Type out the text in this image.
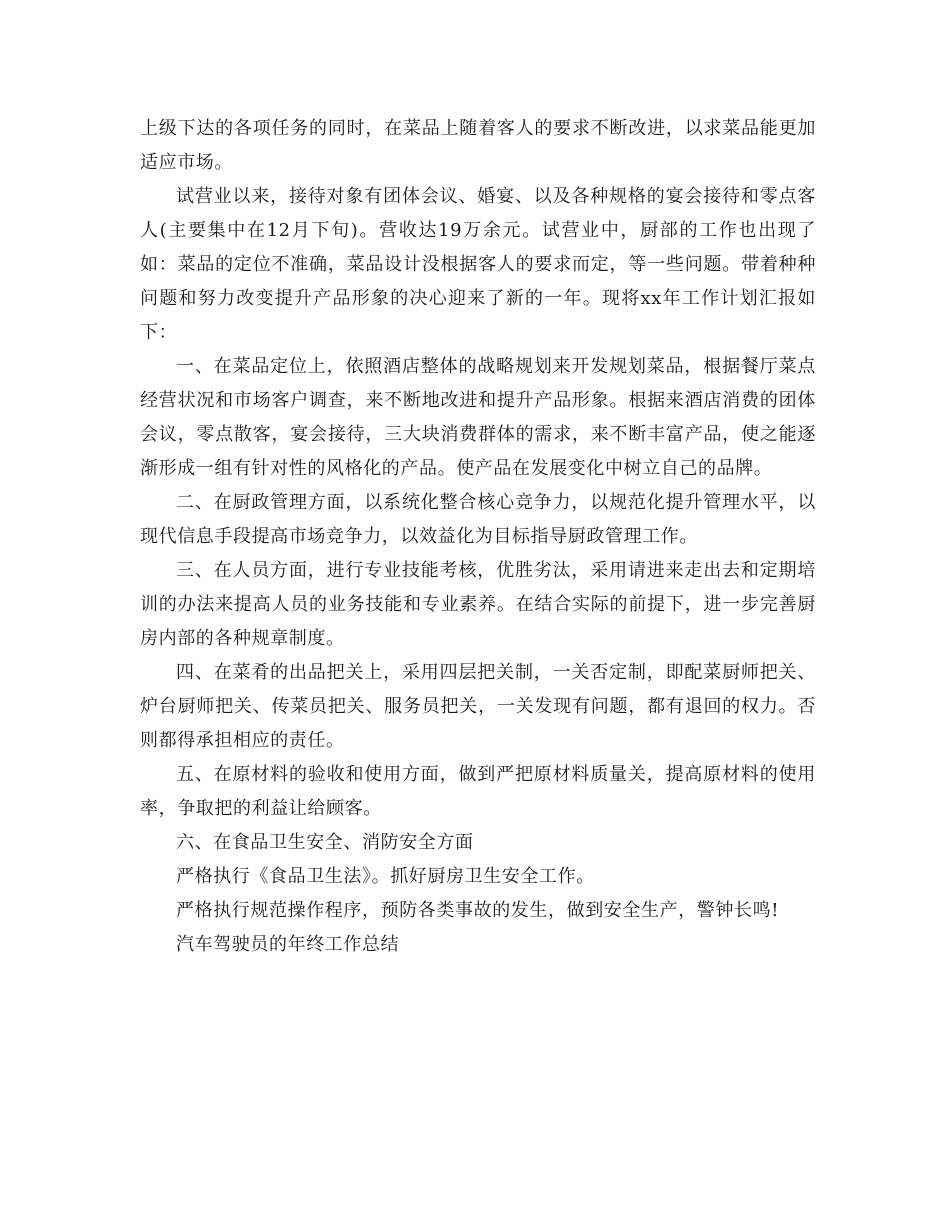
上级下达的各项任务的同时，在菜品上随着客人的要求不断改进，以求菜品能更加适应市场。

试营业以来，接待对象有团体会议、婚宴、以及各种规格的宴会接待和零点客人(主要集中在12月下旬)。营收达19万余元。试营业中，厨部的工作也出现了如：菜品的定位不准确，菜品设计没根据客人的要求而定，等一些问题。带着种种问题和努力改变提升产品形象的决心迎来了新的一年。现将xx年工作计划汇报如下：

一、在菜品定位上，依照酒店整体的战略规划来开发规划菜品，根据餐厅菜点经营状况和市场客户调查，来不断地改进和提升产品形象。根据来酒店消费的团体会议，零点散客，宴会接待，三大块消费群体的需求，来不断丰富产品，使之能逐渐形成一组有针对性的风格化的产品。使产品在发展变化中树立自己的品牌。

二、在厨政管理方面，以系统化整合核心竞争力，以规范化提升管理水平，以现代信息手段提高市场竞争力，以效益化为目标指导厨政管理工作。

三、在人员方面，进行专业技能考核，优胜劣汰，采用请进来走出去和定期培训的办法来提高人员的业务技能和专业素养。在结合实际的前提下，进一步完善厨房内部的各种规章制度。

四、在菜肴的出品把关上，采用四层把关制，一关否定制，即配菜厨师把关、炉台厨师把关、传菜员把关、服务员把关，一关发现有问题，都有退回的权力。否则都得承担相应的责任。

五、在原材料的验收和使用方面，做到严把原材料质量关，提高原材料的使用率，争取把的利益让给顾客。

六、在食品卫生安全、消防安全方面

严格执行《食品卫生法》。抓好厨房卫生安全工作。

严格执行规范操作程序，预防各类事故的发生，做到安全生产，警钟长鸣!

汽车驾驶员的年终工作总结
